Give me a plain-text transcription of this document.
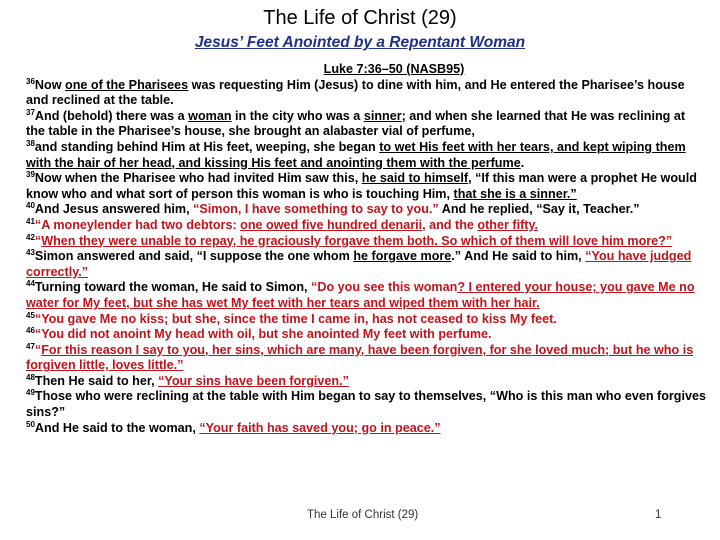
The Life of Christ (29)
Jesus’ Feet Anointed by a Repentant Woman
Luke 7:36–50 (NASB95)
$^{36}$Now one of the Pharisees was requesting Him (Jesus) to dine with him, and He entered the Pharisee’s house and reclined at the table.
$^{37}$And (behold) there was a woman in the city who was a sinner; and when she learned that He was reclining at the table in the Pharisee’s house, she brought an alabaster vial of perfume,
$^{38}$and standing behind Him at His feet, weeping, she began to wet His feet with her tears, and kept wiping them with the hair of her head, and kissing His feet and anointing them with the perfume.
$^{39}$Now when the Pharisee who had invited Him saw this, he said to himself, “If this man were a prophet He would know who and what sort of person this woman is who is touching Him, that she is a sinner.”
$^{40}$And Jesus answered him, “Simon, I have something to say to you.” And he replied, “Say it, Teacher.”
$^{41}$“A moneylender had two debtors: one owed five hundred denarii, and the other fifty.
$^{42}$“When they were unable to repay, he graciously forgave them both. So which of them will love him more?”
$^{43}$Simon answered and said, “I suppose the one whom he forgave more.” And He said to him, “You have judged correctly.”
$^{44}$Turning toward the woman, He said to Simon, “Do you see this woman? I entered your house; you gave Me no water for My feet, but she has wet My feet with her tears and wiped them with her hair.
$^{45}$“You gave Me no kiss; but she, since the time I came in, has not ceased to kiss My feet.
$^{46}$“You did not anoint My head with oil, but she anointed My feet with perfume.
$^{47}$“For this reason I say to you, her sins, which are many, have been forgiven, for she loved much; but he who is forgiven little, loves little.”
$^{48}$Then He said to her, “Your sins have been forgiven.”
$^{49}$Those who were reclining at the table with Him began to say to themselves, “Who is this man who even forgives sins?”
$^{50}$And He said to the woman, “Your faith has saved you; go in peace.”
The Life of Christ (29)	1
